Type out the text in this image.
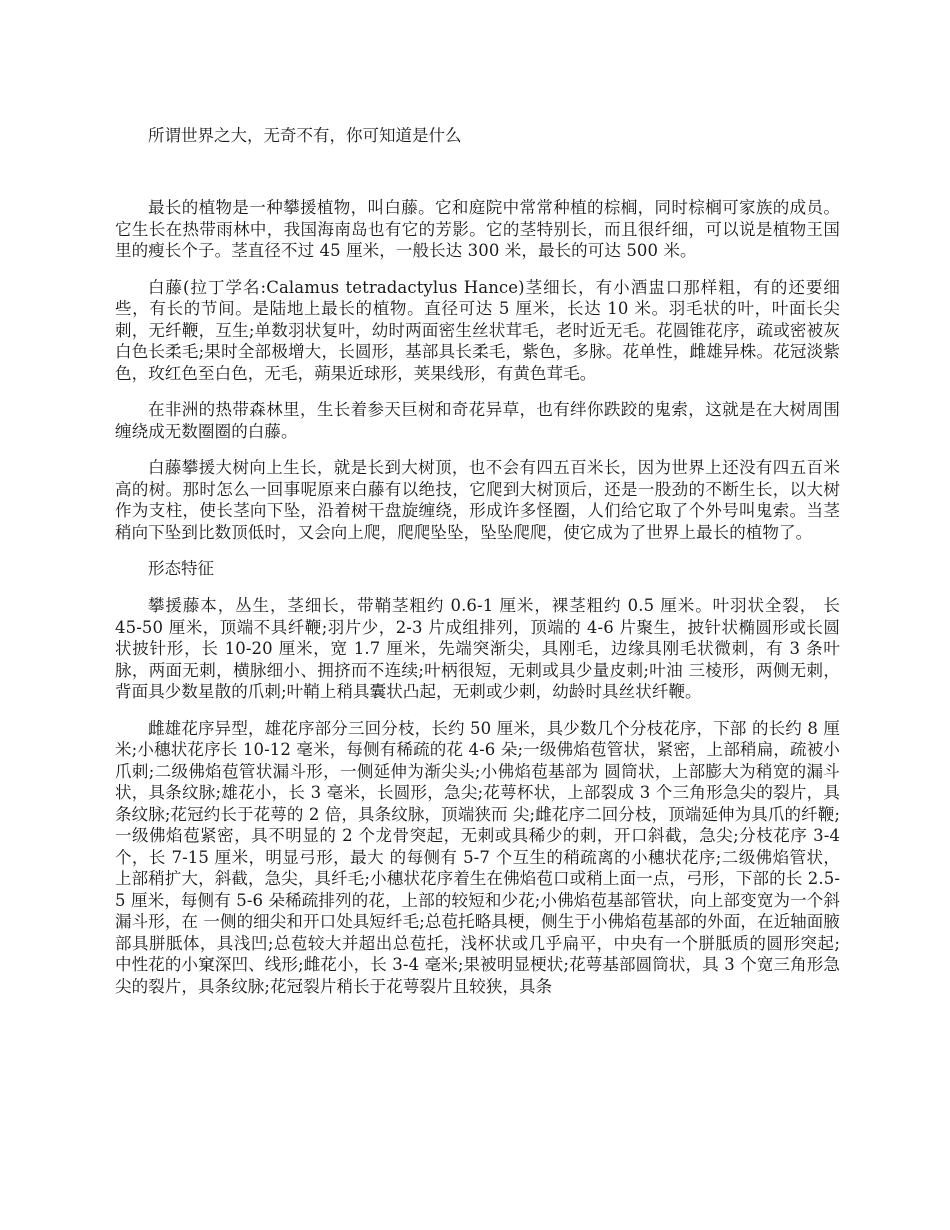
所谓世界之大，无奇不有，你可知道是什么

最长的植物是一种攀援植物，叫白藤。它和庭院中常常种植的棕榈，同时棕榈可家族的成员。它生长在热带雨林中，我国海南岛也有它的芳影。它的茎特别长，而且很纤细，可以说是植物王国里的瘦长个子。茎直径不过 45 厘米，一般长达 300 米，最长的可达 500 米。

白藤(拉丁学名:Calamus tetradactylus Hance)茎细长，有小酒盅口那样粗，有的还要细些，有长的节间。是陆地上最长的植物。直径可达 5 厘米，长达 10 米。羽毛状的叶，叶面长尖刺，无纤鞭，互生;单数羽状复叶，幼时两面密生丝状茸毛，老时近无毛。花圆锥花序，疏或密被灰白色长柔毛;果时全部极增大，长圆形，基部具长柔毛，紫色，多脉。花单性，雌雄异株。花冠淡紫色，玫红色至白色，无毛，蒴果近球形，荚果线形，有黄色茸毛。

在非洲的热带森林里，生长着参天巨树和奇花异草，也有绊你跌跤的鬼索，这就是在大树周围缠绕成无数圈圈的白藤。

白藤攀援大树向上生长，就是长到大树顶，也不会有四五百米长，因为世界上还没有四五百米高的树。那时怎么一回事呢原来白藤有以绝技，它爬到大树顶后，还是一股劲的不断生长，以大树作为支柱，使长茎向下坠，沿着树干盘旋缠绕，形成许多怪圈，人们给它取了个外号叫鬼索。当茎稍向下坠到比数顶低时，又会向上爬，爬爬坠坠，坠坠爬爬，使它成为了世界上最长的植物了。

形态特征

攀援藤本，丛生，茎细长，带鞘茎粗约 0.6-1 厘米，裸茎粗约 0.5 厘米。叶羽状全裂， 长 45-50 厘米，顶端不具纤鞭;羽片少，2-3 片成组排列，顶端的 4-6 片聚生，披针状椭圆形或长圆状披针形，长 10-20 厘米，宽 1.7 厘米，先端突渐尖，具刚毛，边缘具刚毛状微刺，有 3 条叶脉，两面无刺，横脉细小、拥挤而不连续;叶柄很短，无刺或具少量皮刺;叶油 三棱形，两侧无刺，背面具少数星散的爪刺;叶鞘上稍具囊状凸起，无刺或少刺，幼龄时具丝状纤鞭。

雌雄花序异型，雄花序部分三回分枝，长约 50 厘米，具少数几个分枝花序，下部 的长约 8 厘米;小穗状花序长 10-12 毫米，每侧有稀疏的花 4-6 朵;一级佛焰苞管状，紧密，上部稍扁，疏被小爪刺;二级佛焰苞管状漏斗形，一侧延伸为渐尖头;小佛焰苞基部为 圆筒状，上部膨大为稍宽的漏斗状，具条纹脉;雄花小，长 3 毫米，长圆形，急尖;花萼杯状，上部裂成 3 个三角形急尖的裂片，具条纹脉;花冠约长于花萼的 2 倍，具条纹脉，顶端狭而 尖;雌花序二回分枝，顶端延伸为具爪的纤鞭; 一级佛焰苞紧密，具不明显的 2 个龙骨突起，无刺或具稀少的刺，开口斜截，急尖;分枝花序 3-4 个，长 7-15 厘米，明显弓形，最大 的每侧有 5-7 个互生的稍疏离的小穗状花序;二级佛焰管状，上部稍扩大，斜截，急尖，具纤毛;小穗状花序着生在佛焰苞口或稍上面一点，弓形，下部的长 2.5-5 厘米，每侧有 5-6 朵稀疏排列的花，上部的较短和少花;小佛焰苞基部管状，向上部变宽为一个斜漏斗形，在 一侧的细尖和开口处具短纤毛;总苞托略具梗，侧生于小佛焰苞基部的外面，在近轴面腋 部具胼胝体，具浅凹;总苞较大并超出总苞托，浅杯状或几乎扁平，中央有一个胼胝质的圆形突起;中性花的小窠深凹、线形;雌花小，长 3-4 毫米;果被明显梗状;花萼基部圆筒状，具 3 个宽三角形急尖的裂片，具条纹脉;花冠裂片稍长于花萼裂片且较狭，具条
